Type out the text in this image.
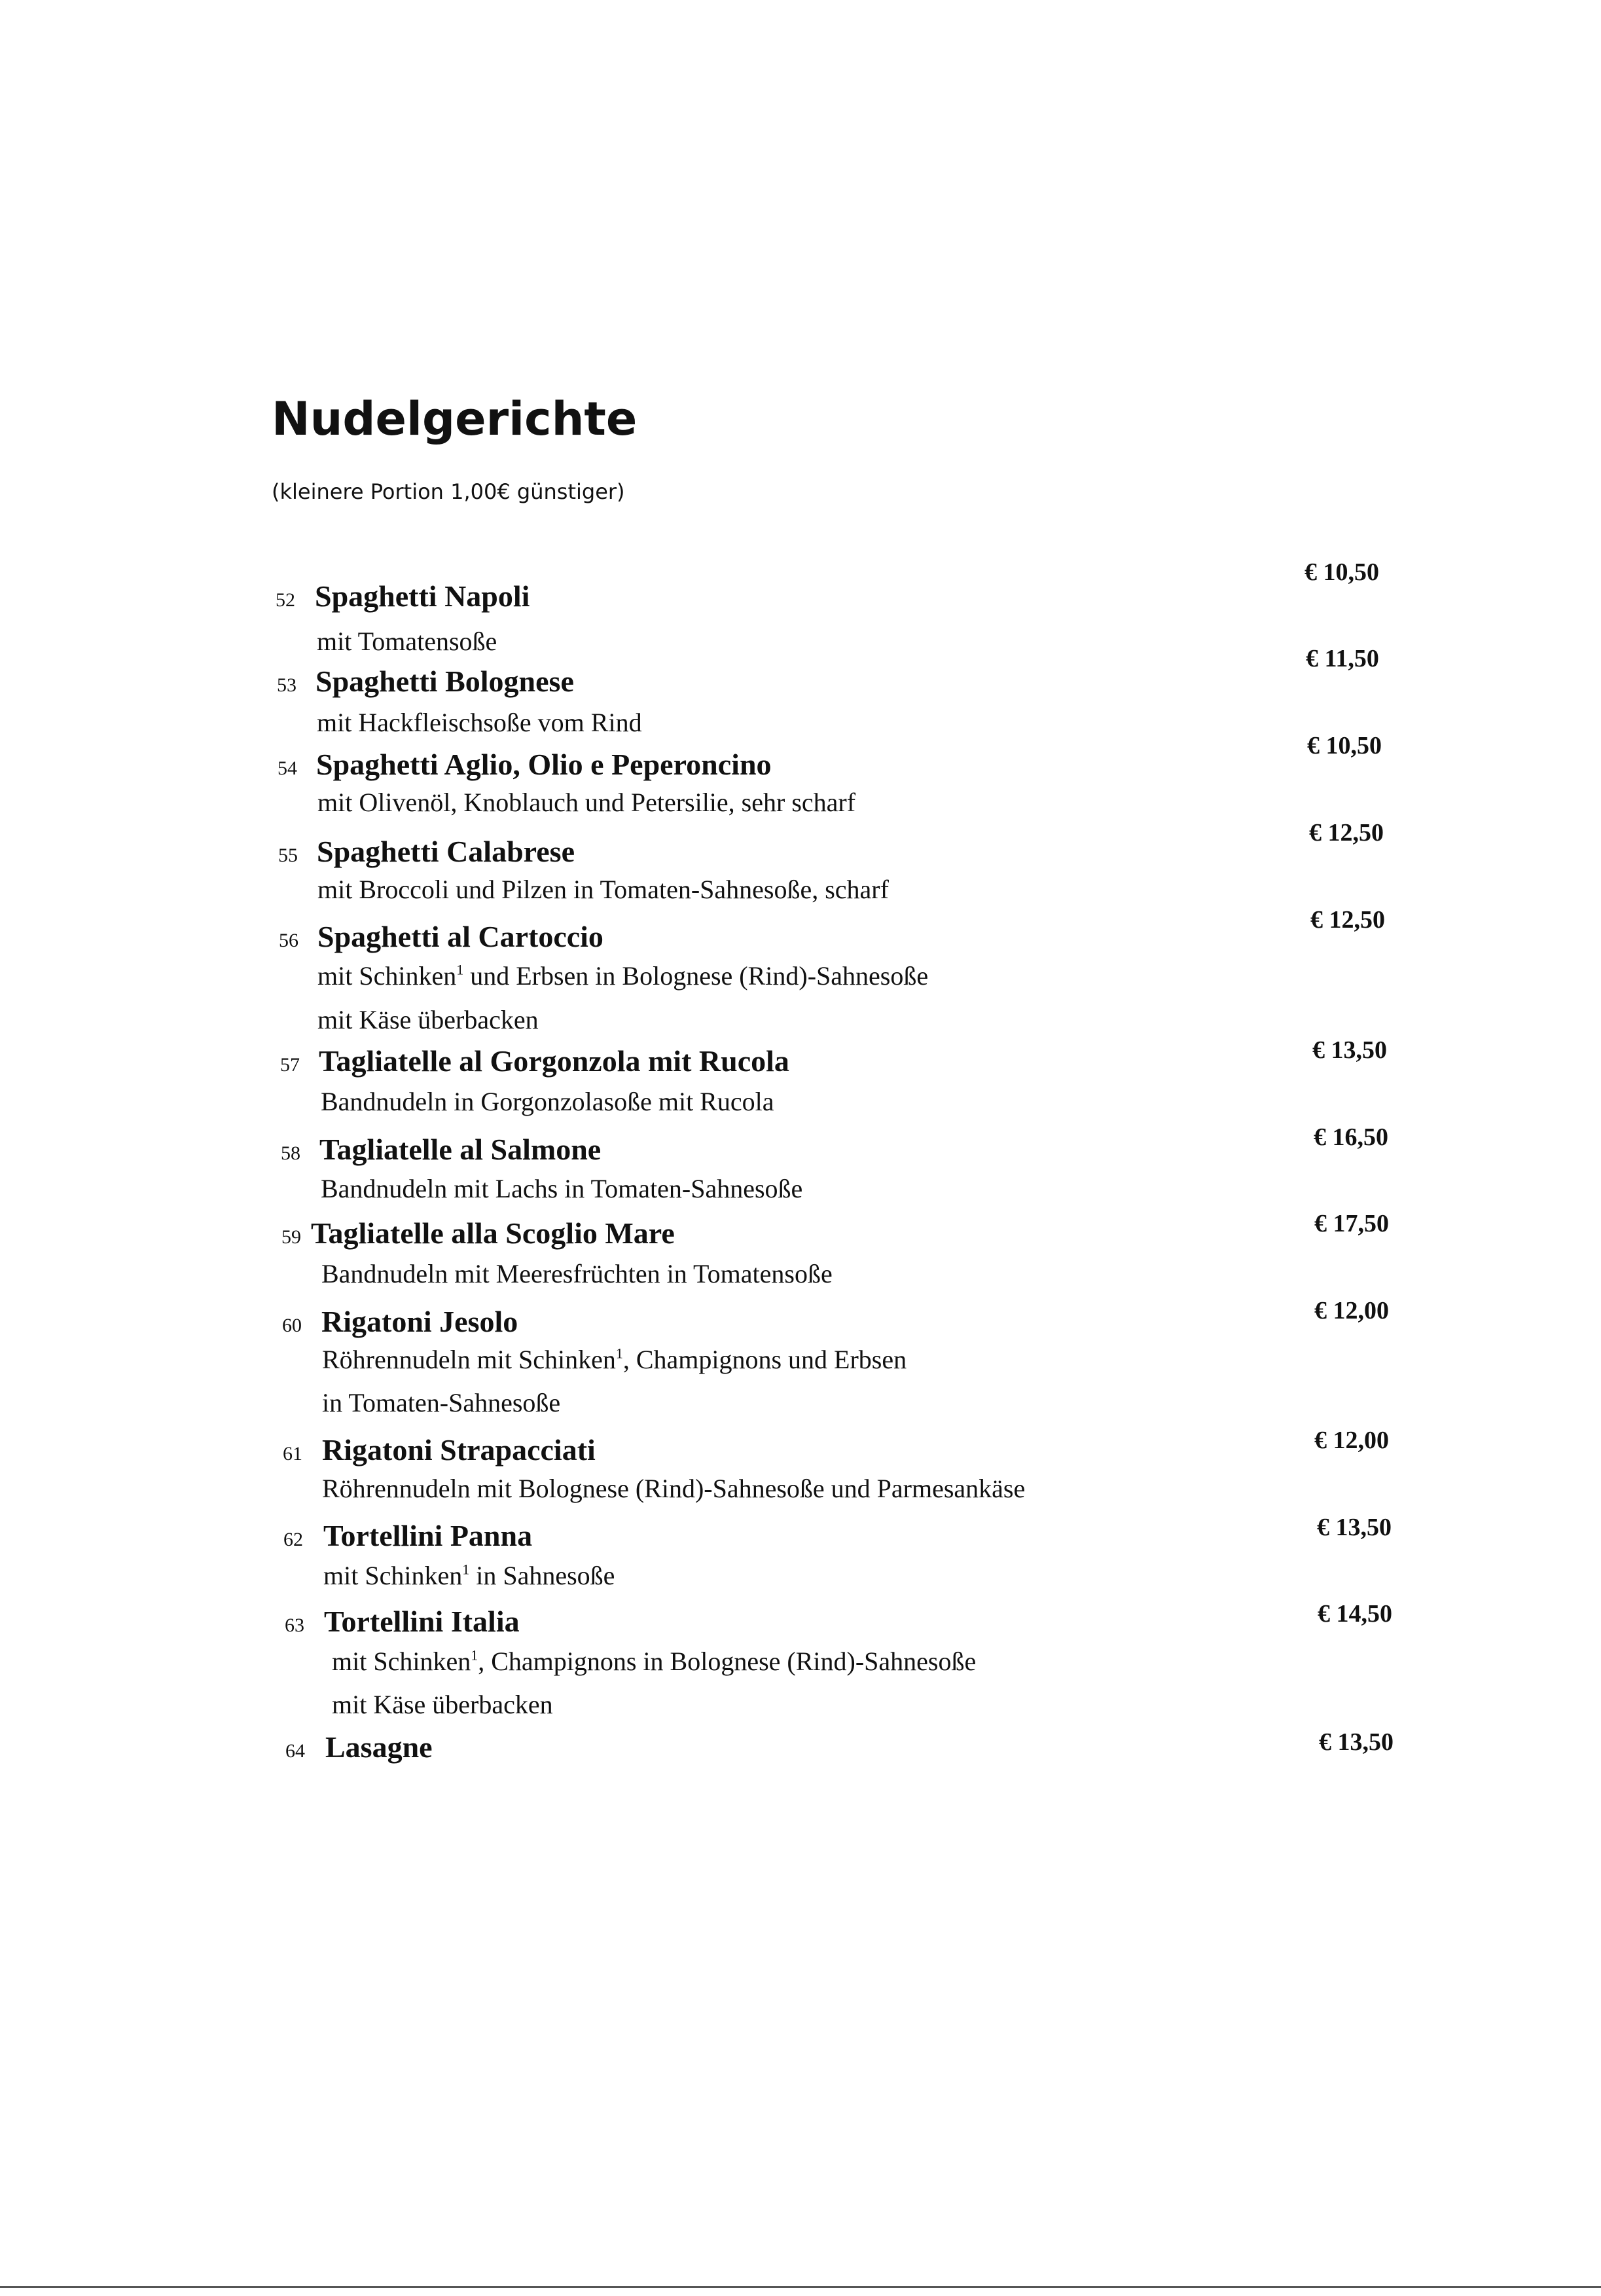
Nudelgerichte
(kleinere Portion 1,00€ günstiger)
52 Spaghetti Napoli
mit Tomatensoße
€ 10,50
53 Spaghetti Bolognese
mit Hackfleischsoße vom Rind
€ 11,50
54 Spaghetti Aglio, Olio e Peperoncino
mit Olivenöl, Knoblauch und Petersilie, sehr scharf
€ 10,50
55 Spaghetti Calabrese
mit Broccoli und Pilzen in Tomaten-Sahnesoße, scharf
€ 12,50
56 Spaghetti al Cartoccio
mit Schinken$^1$ und Erbsen in Bolognese (Rind)-Sahnesoße
mit Käse überbacken
€ 12,50
57 Tagliatelle al Gorgonzola mit Rucola
Bandnudeln in Gorgonzolasoße mit Rucola
€ 13,50
58 Tagliatelle al Salmone
Bandnudeln mit Lachs in Tomaten-Sahnesoße
€ 16,50
59 Tagliatelle alla Scoglio Mare
Bandnudeln mit Meeresfrüchten in Tomatensoße
€ 17,50
60 Rigatoni Jesolo
Röhrennudeln mit Schinken$^1$, Champignons und Erbsen
in Tomaten-Sahnesoße
€ 12,00
61 Rigatoni Strapacciati
Röhrennudeln mit Bolognese (Rind)-Sahnesoße und Parmesankäse
€ 12,00
62 Tortellini Panna
mit Schinken$^1$ in Sahnesoße
€ 13,50
63 Tortellini Italia
mit Schinken$^1$, Champignons in Bolognese (Rind)-Sahnesoße
mit Käse überbacken
€ 14,50
64 Lasagne	€ 13,50
